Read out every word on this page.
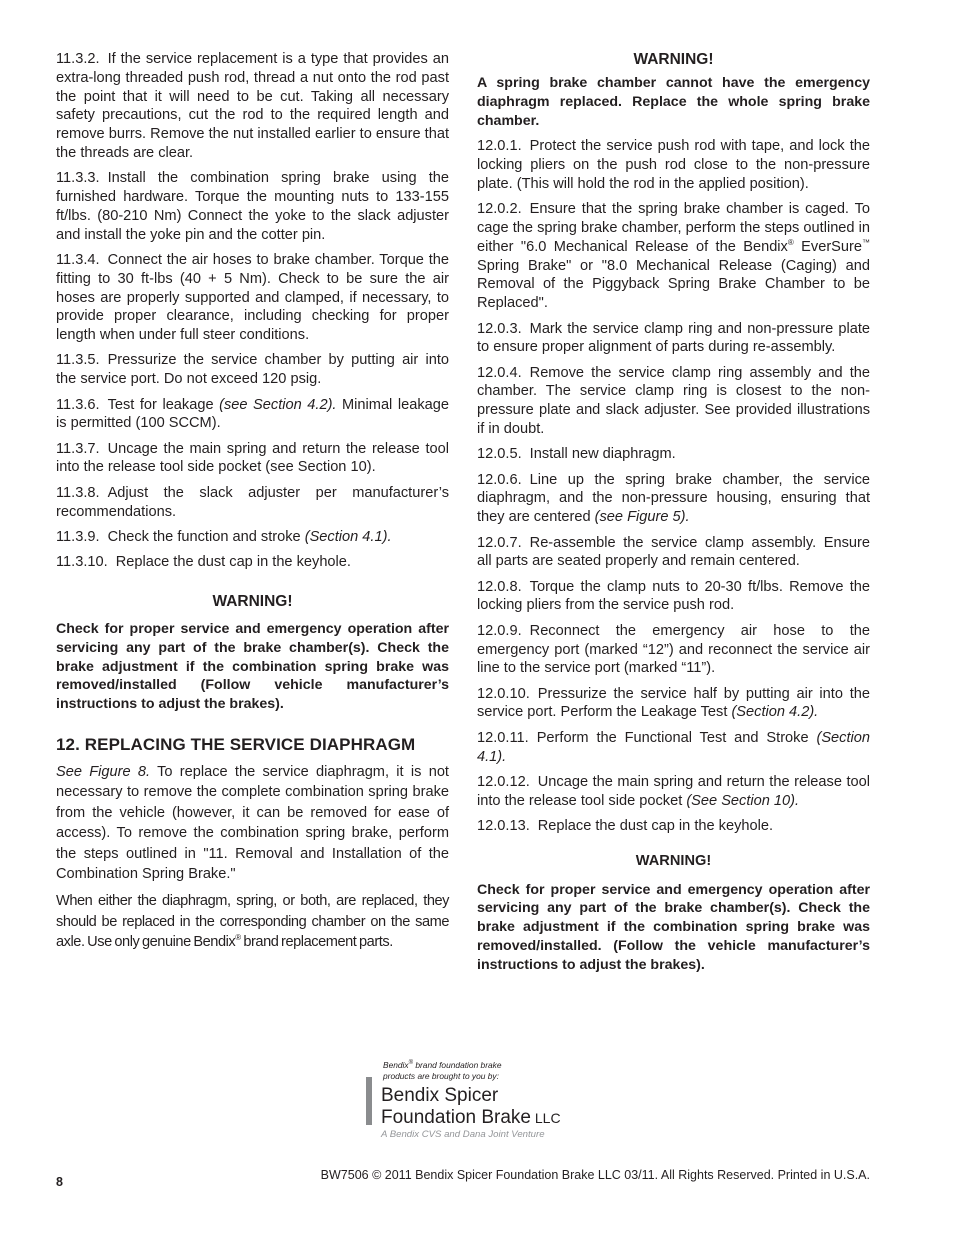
11.3.2. If the service replacement is a type that provides an extra-long threaded push rod, thread a nut onto the rod past the point that it will need to be cut. Taking all necessary safety precautions, cut the rod to the required length and remove burrs. Remove the nut installed earlier to ensure that the threads are clear.

11.3.3. Install the combination spring brake using the furnished hardware. Torque the mounting nuts to 133-155 ft/lbs. (80-210 Nm) Connect the yoke to the slack adjuster and install the yoke pin and the cotter pin.

11.3.4. Connect the air hoses to brake chamber. Torque the fitting to 30 ft-lbs (40 + 5 Nm). Check to be sure the air hoses are properly supported and clamped, if necessary, to provide proper clearance, including checking for proper length when under full steer conditions.

11.3.5. Pressurize the service chamber by putting air into the service port. Do not exceed 120 psig.

11.3.6. Test for leakage (see Section 4.2). Minimal leakage is permitted (100 SCCM).

11.3.7. Uncage the main spring and return the release tool into the release tool side pocket (see Section 10).

11.3.8. Adjust the slack adjuster per manufacturer’s recommendations.

11.3.9. Check the function and stroke (Section 4.1).

11.3.10. Replace the dust cap in the keyhole.

WARNING!

Check for proper service and emergency operation after servicing any part of the brake chamber(s). Check the brake adjustment if the combination spring brake was removed/installed (Follow vehicle manufacturer’s instructions to adjust the brakes).

12. REPLACING THE SERVICE DIAPHRAGM

See Figure 8. To replace the service diaphragm, it is not necessary to remove the complete combination spring brake from the vehicle (however, it can be removed for ease of access). To remove the combination spring brake, perform the steps outlined in "11. Removal and Installation of the Combination Spring Brake."

When either the diaphragm, spring, or both, are replaced, they should be replaced in the corresponding chamber on the same axle. Use only genuine Bendix® brand replacement parts.

WARNING!

A spring brake chamber cannot have the emergency diaphragm replaced. Replace the whole spring brake chamber.

12.0.1. Protect the service push rod with tape, and lock the locking pliers on the push rod close to the non-pressure plate. (This will hold the rod in the applied position).

12.0.2. Ensure that the spring brake chamber is caged. To cage the spring brake chamber, perform the steps outlined in either "6.0 Mechanical Release of the Bendix® EverSure™ Spring Brake" or "8.0 Mechanical Release (Caging) and Removal of the Piggyback Spring Brake Chamber to be Replaced".

12.0.3. Mark the service clamp ring and non-pressure plate to ensure proper alignment of parts during re-assembly.

12.0.4. Remove the service clamp ring assembly and the chamber. The service clamp ring is closest to the non-pressure plate and slack adjuster. See provided illustrations if in doubt.

12.0.5. Install new diaphragm.

12.0.6. Line up the spring brake chamber, the service diaphragm, and the non-pressure housing, ensuring that they are centered (see Figure 5).

12.0.7. Re-assemble the service clamp assembly. Ensure all parts are seated properly and remain centered.

12.0.8. Torque the clamp nuts to 20-30 ft/lbs. Remove the locking pliers from the service push rod.

12.0.9. Reconnect the emergency air hose to the emergency port (marked “12”) and reconnect the service air line to the service port (marked “11”).

12.0.10. Pressurize the service half by putting air into the service port. Perform the Leakage Test (Section 4.2).

12.0.11. Perform the Functional Test and Stroke (Section 4.1).

12.0.12. Uncage the main spring and return the release tool into the release tool side pocket (See Section 10).

12.0.13. Replace the dust cap in the keyhole.

WARNING!

Check for proper service and emergency operation after servicing any part of the brake chamber(s). Check the brake adjustment if the combination spring brake was removed/installed. (Follow the vehicle manufacturer’s instructions to adjust the brakes).

Bendix® brand foundation brake
products are brought to you by:
Bendix Spicer
Foundation Brake LLC
A Bendix CVS and Dana Joint Venture
8	BW7506 © 2011 Bendix Spicer Foundation Brake LLC 03/11. All Rights Reserved. Printed in U.S.A.
